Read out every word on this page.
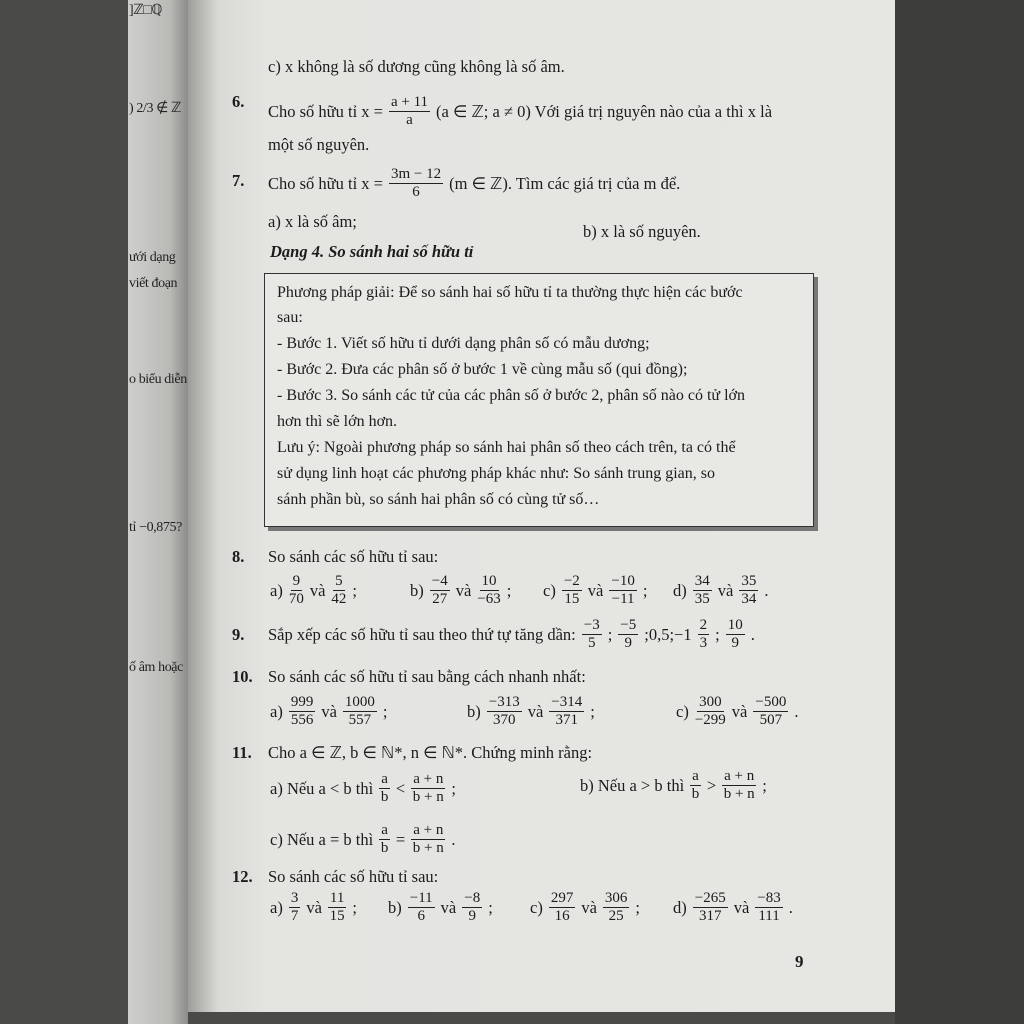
]ℤ□ℚ
) 2/3 ∉ ℤ
ưới dạng
viết đoạn
o biểu diễn
tỉ −0,875?
ố âm hoặc
c) x không là số dương cũng không là số âm.
6. Cho số hữu tỉ $x = \frac{a + 11}{a} (a$ ∈ ℤ; a ≠ 0) Với giá trị nguyên nào của a thì x là
một số nguyên.
7. Cho số hữu tỉ $x = \frac{3m - 12}{6} (m$ ∈ ℤ). Tìm các giá trị của m để.
a) x là số âm;
b) x là số nguyên.
Dạng 4. So sánh hai số hữu tỉ
Phương pháp giải: Để so sánh hai số hữu tỉ ta thường thực hiện các bước
sau:
- Bước 1. Viết số hữu tỉ dưới dạng phân số có mẫu dương;
- Bước 2. Đưa các phân số ở bước 1 về cùng mẫu số (qui đồng);
- Bước 3. So sánh các tử của các phân số ở bước 2, phân số nào có tử lớn
hơn thì sẽ lớn hơn.
Lưu ý: Ngoài phương pháp so sánh hai phân số theo cách trên, ta có thể
sử dụng linh hoạt các phương pháp khác như: So sánh trung gian, so
sánh phần bù, so sánh hai phân số có cùng tử số…
8. So sánh các số hữu tỉ sau:
$a) \frac{9}{70}$ và $\frac{5}{42}$ ;	$b) \frac{-4}{27}$ và $\frac{10}{-63}$ ; $c) \frac{-2}{15}$ và $\frac{-10}{-11}$ ; $d) \frac{34}{35}$ và $\frac{35}{34}$ .
9. Sắp xếp các số hữu tỉ sau theo thứ tự tăng dần: $\frac{-3}{5}$ ; $\frac{-5}{9}$ ;0,5;−1 $\frac{2}{3}$ ; $\frac{10}{9}$ .
10. So sánh các số hữu tỉ sau bằng cách nhanh nhất:
$a) \frac{999}{556}$ và $\frac{1000}{557}$ ;	$b) \frac{-313}{370}$ và $\frac{-314}{371}$ ;	$c) \frac{300}{-299}$ và $\frac{-500}{507}$ .
11. Cho a ∈ ℤ, b ∈ ℕ*, n ∈ ℕ*. Chứng minh rằng:
a) Nếu a < b thì $\frac{a}{b} < \frac{a + n}{b + n}$ ;	b) Nếu a > b thì $\frac{a}{b} > \frac{a + n}{b + n}$ ;
c) Nếu a = b thì $\frac{a}{b} = \frac{a + n}{b + n}$ .
12. So sánh các số hữu tỉ sau:
$a) \frac{3}{7}$ và $\frac{11}{15}$ ; $b) \frac{-11}{6}$ và $\frac{-8}{9}$ ; $c) \frac{297}{16}$ và $\frac{306}{25}$ ; $d) \frac{-265}{317}$ và $\frac{-83}{111}$ .
9
